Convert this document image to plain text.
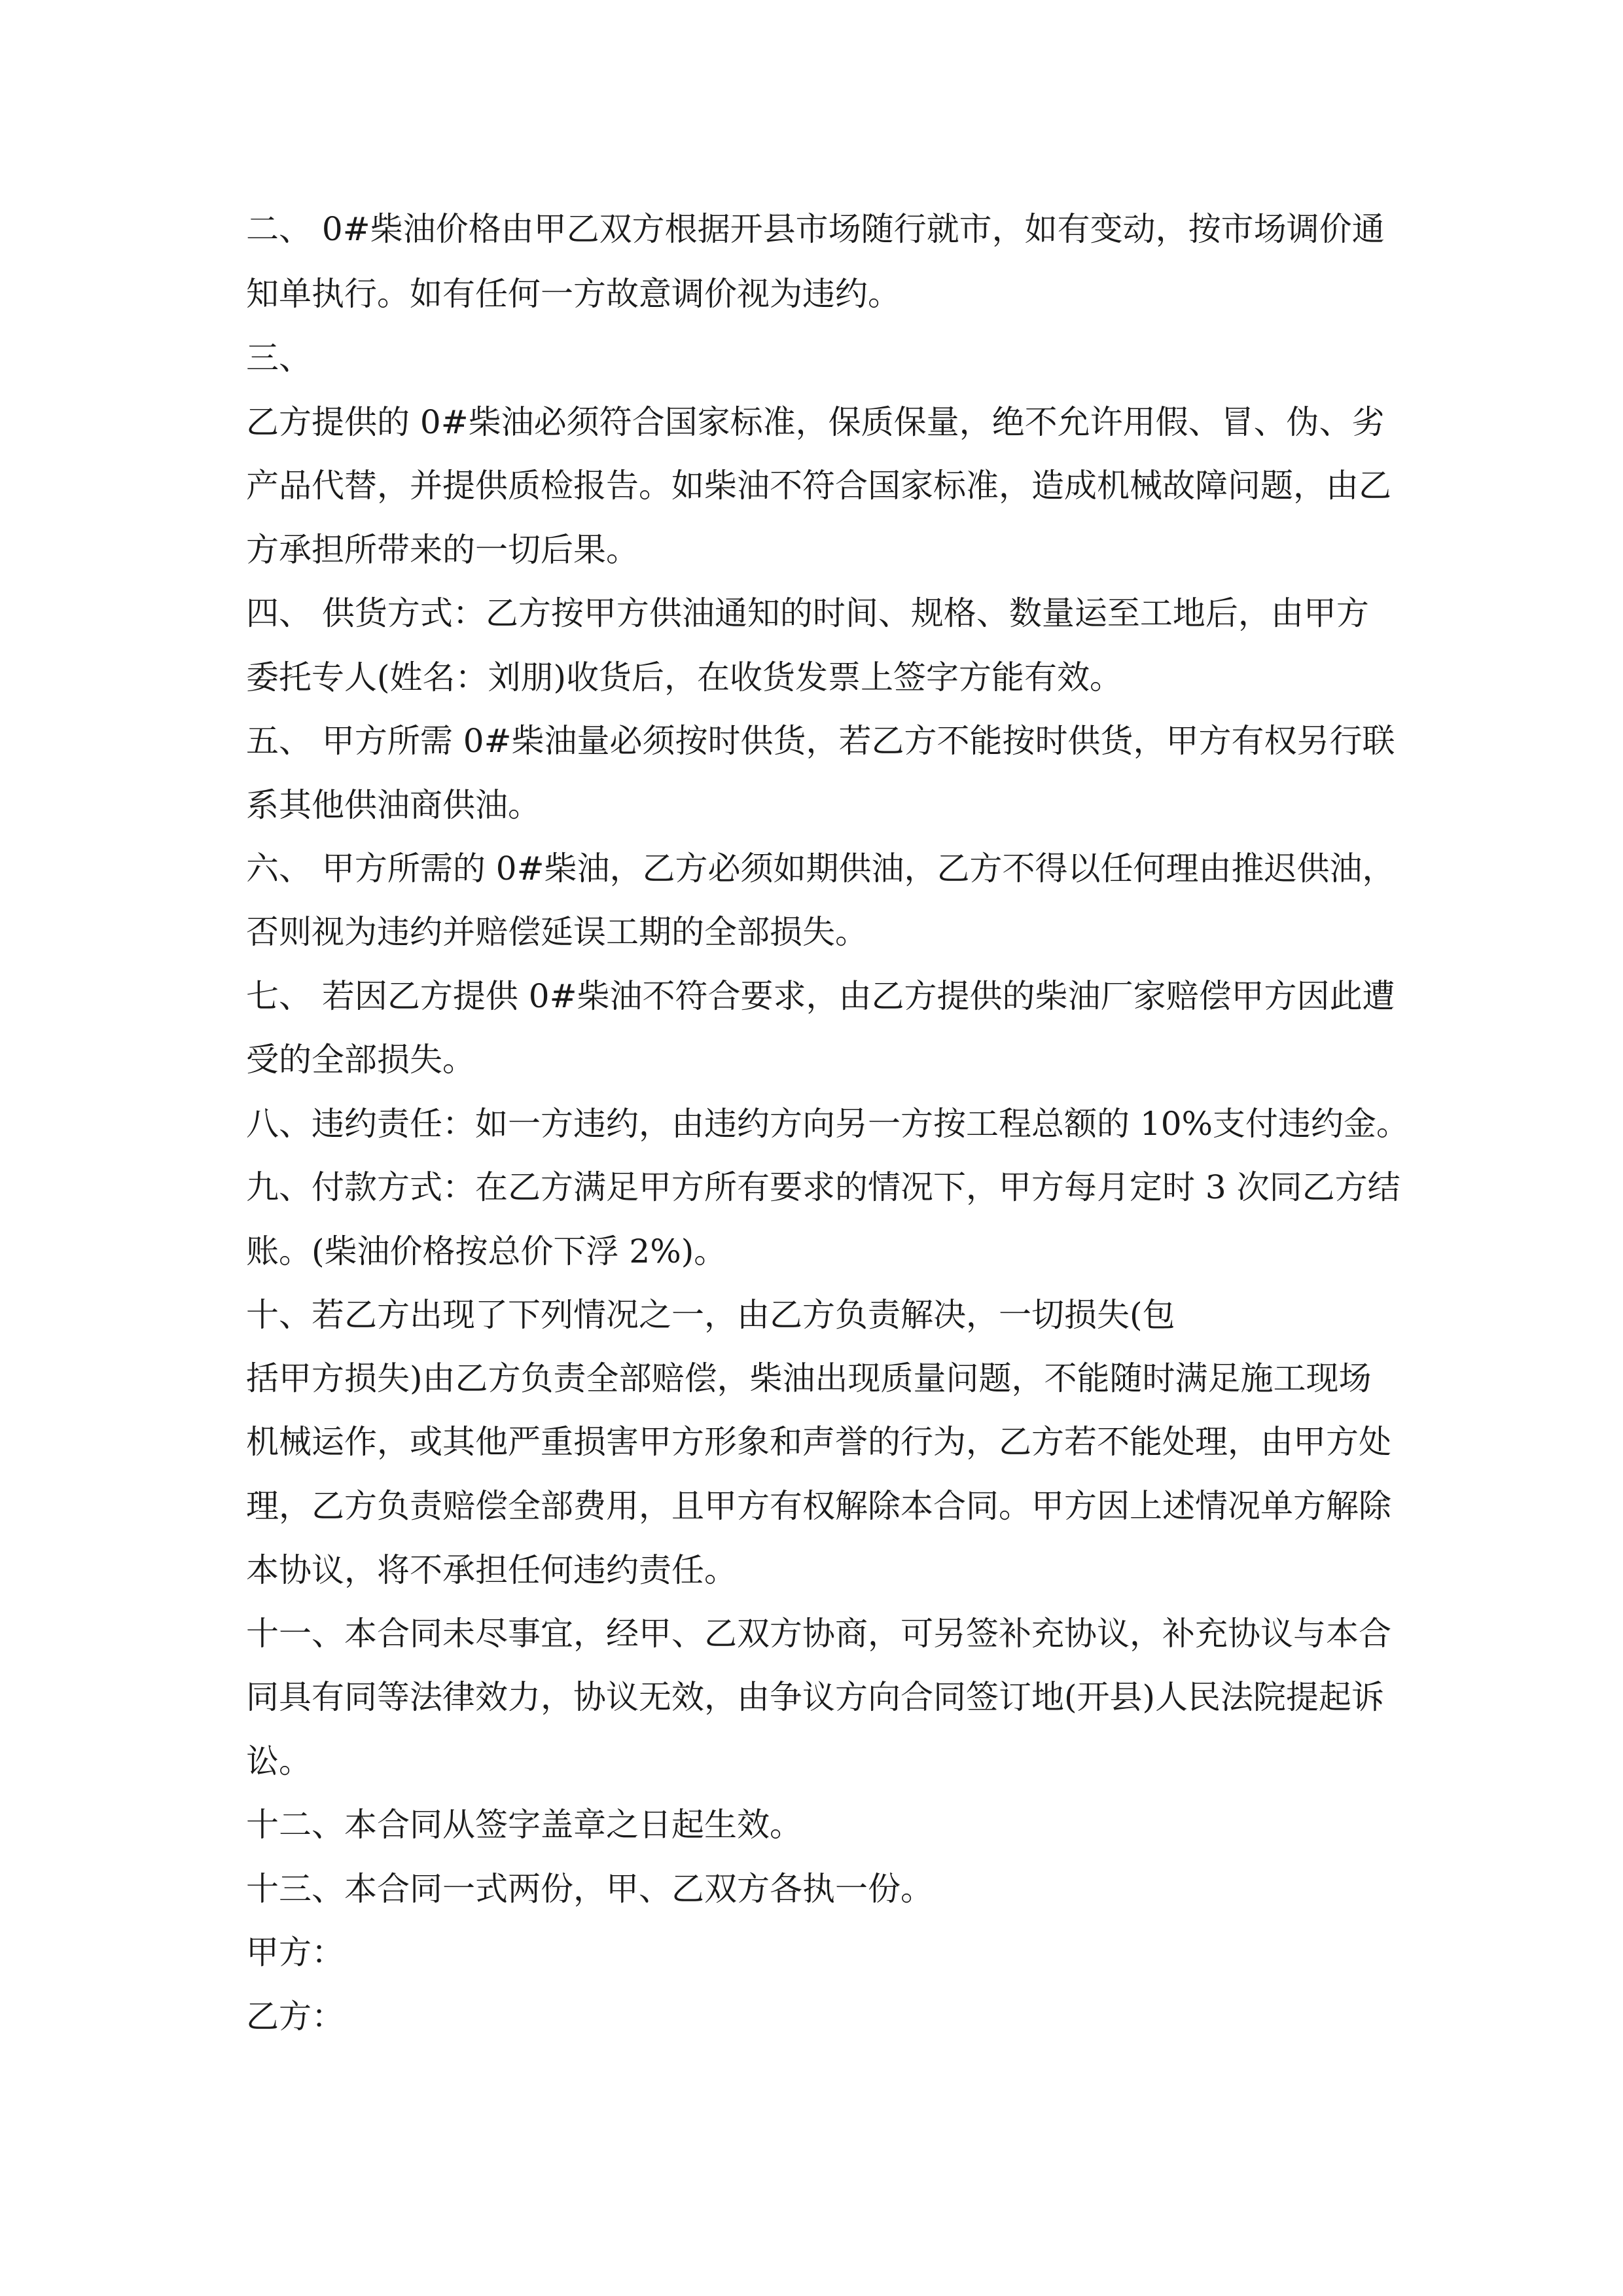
二、 0#柴油价格由甲乙双方根据开县市场随行就市，如有变动，按市场调价通
知单执行。如有任何一方故意调价视为违约。
三、
乙方提供的 0#柴油必须符合国家标准，保质保量，绝不允许用假、冒、伪、劣
产品代替，并提供质检报告。如柴油不符合国家标准，造成机械故障问题，由乙
方承担所带来的一切后果。
四、 供货方式：乙方按甲方供油通知的时间、规格、数量运至工地后，由甲方
委托专人(姓名：刘朋)收货后，在收货发票上签字方能有效。
五、 甲方所需 0#柴油量必须按时供货，若乙方不能按时供货，甲方有权另行联
系其他供油商供油。
六、 甲方所需的 0#柴油，乙方必须如期供油，乙方不得以任何理由推迟供油，
否则视为违约并赔偿延误工期的全部损失。
七、 若因乙方提供 0#柴油不符合要求，由乙方提供的柴油厂家赔偿甲方因此遭
受的全部损失。
八、违约责任：如一方违约，由违约方向另一方按工程总额的 10%支付违约金。
九、付款方式：在乙方满足甲方所有要求的情况下，甲方每月定时 3 次同乙方结
账。(柴油价格按总价下浮 2%)。
十、若乙方出现了下列情况之一，由乙方负责解决，一切损失(包
括甲方损失)由乙方负责全部赔偿，柴油出现质量问题，不能随时满足施工现场
机械运作，或其他严重损害甲方形象和声誉的行为，乙方若不能处理，由甲方处
理，乙方负责赔偿全部费用，且甲方有权解除本合同。甲方因上述情况单方解除
本协议，将不承担任何违约责任。
十一、本合同未尽事宜，经甲、乙双方协商，可另签补充协议，补充协议与本合
同具有同等法律效力，协议无效，由争议方向合同签订地(开县)人民法院提起诉
讼。
十二、本合同从签字盖章之日起生效。
十三、本合同一式两份，甲、乙双方各执一份。
甲方：
乙方：
